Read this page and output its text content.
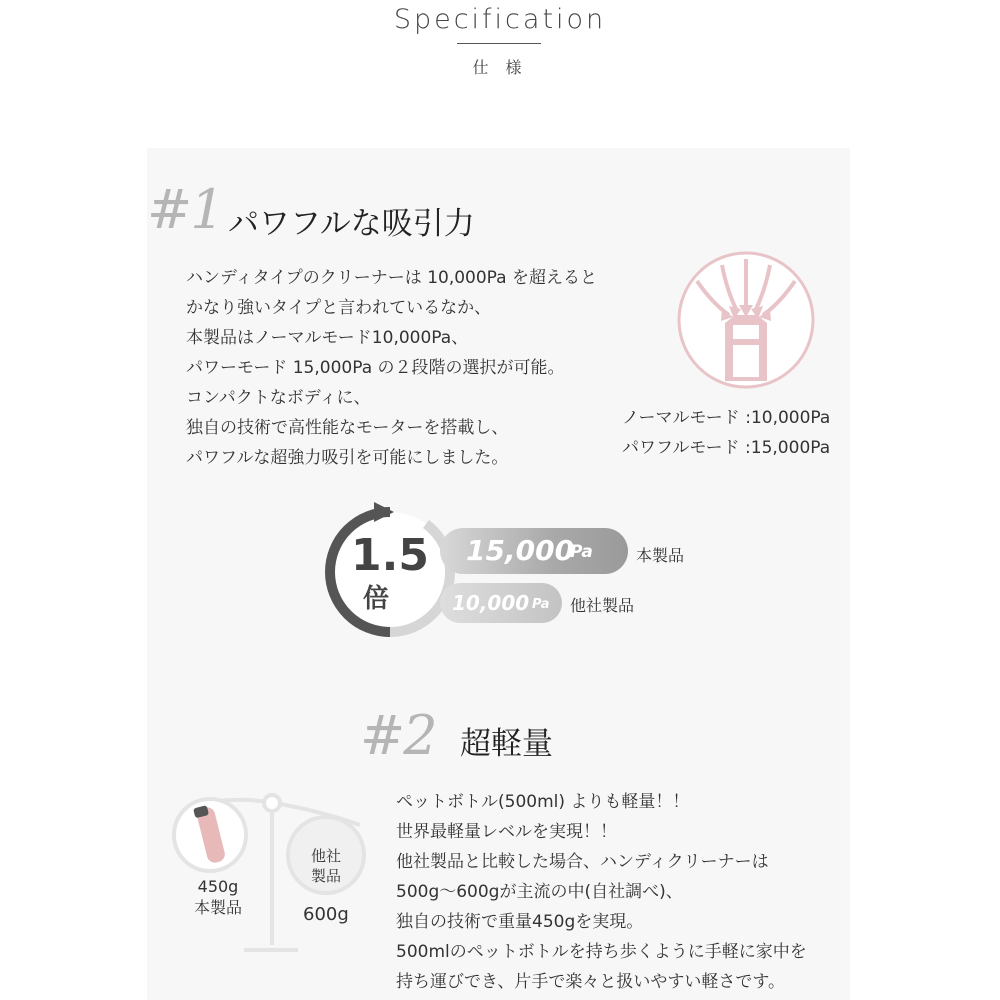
Specification
仕 様
#1 パワフルな吸引力
ハンディタイプのクリーナーは 10,000Pa を超えると
かなり強いタイプと言われているなか、
本製品はノーマルモード10,000Pa、
パワーモード 15,000Pa の２段階の選択が可能。
コンパクトなボディに、
独自の技術で高性能なモーターを搭載し、
パワフルな超強力吸引を可能にしました。
ノーマルモード :10,000Pa
パワフルモード :15,000Pa
1.5
倍
15,000
Pa	本製品
10,000 Pa 他社製品
#2 超軽量
他社
製品
450g
本製品	600g
ペットボトル(500ml) よりも軽量！！
世界最軽量レベルを実現！！
他社製品と比較した場合、ハンディクリーナーは
500g〜600gが主流の中(自社調べ)、
独自の技術で重量450gを実現。
500mlのペットボトルを持ち歩くように手軽に家中を
持ち運びでき、片手で楽々と扱いやすい軽さです。
